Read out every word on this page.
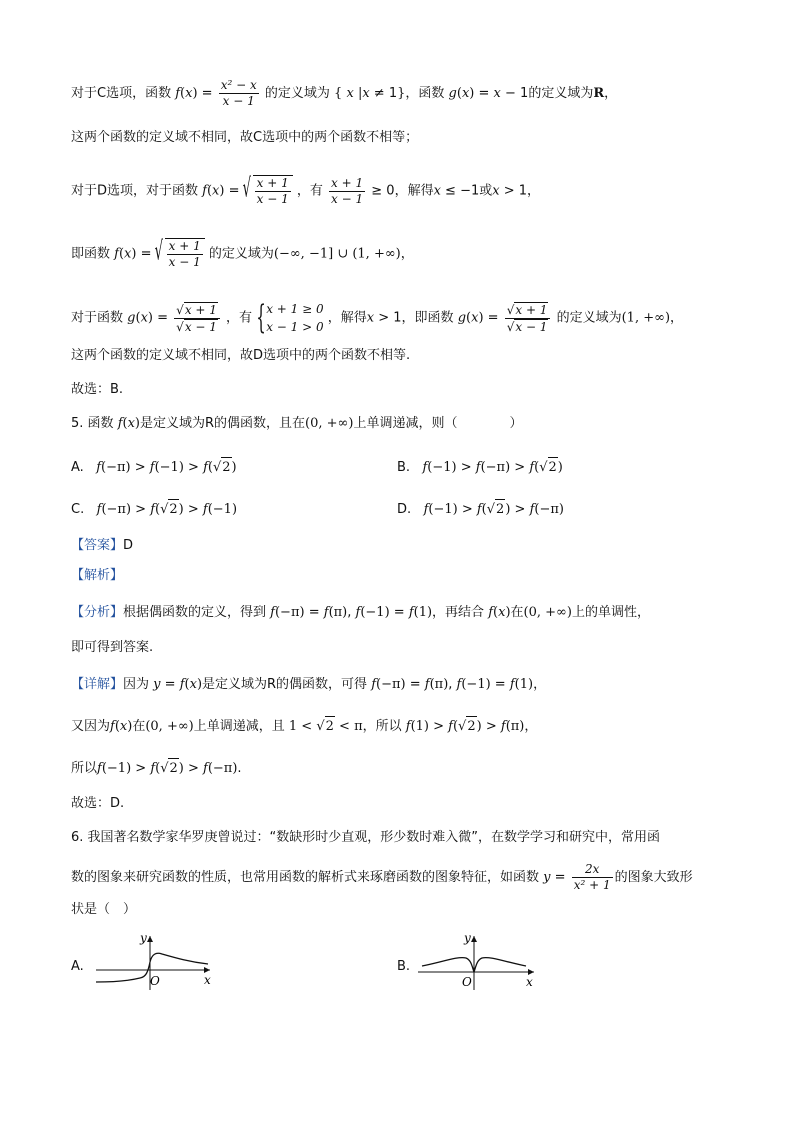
对于C选项，函数 $f(x) = \frac{\text{x² − x}}{x - 1}$ 的定义域为 { x |x ≠ 1}，函数 g(x) = x − 1的定义域为R，
这两个函数的定义域不相同，故C选项中的两个函数不相等；
对于D选项，对于函数 f(x) = √ $\frac{x + 1}{x - 1}$ ，有 $\frac{x + 1}{x - 1} \ge 0$，解得x ≤ −1或x > 1，
即函数 f(x) = √ $\frac{x + 1}{x - 1}$ 的定义域为(−∞, −1] ∪ (1, +∞)，
对于函数 $g(x) = \frac{√x + 1}{√x - 1}$ ，有
{ x + 1 ≥ 0
x − 1 > 0
，解得x > 1，即函数 $g(x) = \frac{√x + 1}{√x - 1}$ 的定义域为(1, +∞)，
这两个函数的定义域不相同，故D选项中的两个函数不相等.
故选：B.
5. 函数 f(x)是定义域为R的偶函数，且在(0, +∞)上单调递减，则（　　　　）
A. f(−π) > f(−1) > f(√2)	B. f(−1) > f(−π) > f(√2)
C. f(−π) > f(√2) > f(−1)	D. f(−1) > f(√2) > f(−π)
【答案】D
【解析】
【分析】根据偶函数的定义，得到 f(−π) = f(π), f(−1) = f(1)，再结合 f(x)在(0, +∞)上的单调性，
即可得到答案.
【详解】因为 y = f(x)是定义域为R的偶函数，可得 f(−π) = f(π), f(−1) = f(1)，
又因为f(x)在(0, +∞)上单调递减，且 1 < √2 < π，所以 f(1) > f(√2) > f(π)，
所以f(−1) > f(√2) > f(−π).
故选：D.
6. 我国著名数学家华罗庚曾说过：“数缺形时少直观，形少数时难入微”，在数学学习和研究中，常用函
数的图象来研究函数的性质，也常用函数的解析式来琢磨函数的图象特征，如函数 $y = \frac{2x}{\text{x² + 1}}$ 的图象大致形
状是（　）
A.
y
x
O
B.
y
x
O
